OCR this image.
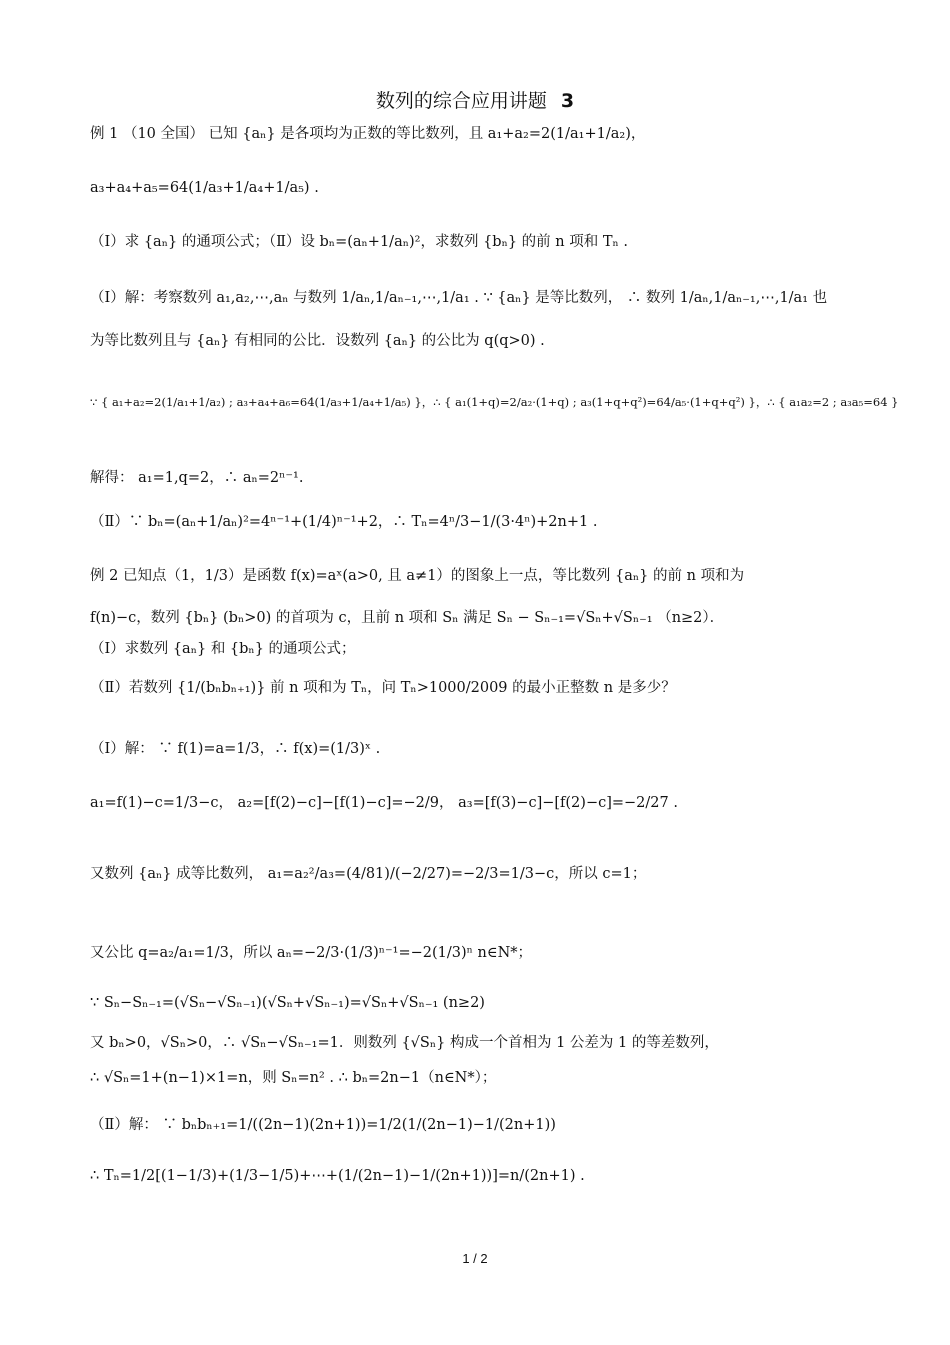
数列的综合应用讲题 3
例 1 （10 全国） 已知 {aₙ} 是各项均为正数的等比数列，且 a₁+a₂=2(1/a₁+1/a₂)，
a₃+a₄+a₅=64(1/a₃+1/a₄+1/a₅) .
（Ⅰ）求 {aₙ} 的通项公式；（Ⅱ）设 bₙ=(aₙ+1/aₙ)²，求数列 {bₙ} 的前 n 项和 Tₙ .
（Ⅰ）解：考察数列 a₁,a₂,⋯,aₙ 与数列 1/aₙ,1/aₙ₋₁,⋯,1/a₁ . ∵ {aₙ} 是等比数列， ∴ 数列 1/aₙ,1/aₙ₋₁,⋯,1/a₁ 也
为等比数列且与 {aₙ} 有相同的公比．设数列 {aₙ} 的公比为 q(q>0) .
∵ { a₁+a₂=2(1/a₁+1/a₂) ; a₃+a₄+a₆=64(1/a₃+1/a₄+1/a₅) }，∴ { a₁(1+q)=2/a₂·(1+q) ; a₃(1+q+q²)=64/a₅·(1+q+q²) }，∴ { a₁a₂=2 ; a₃a₅=64 }
解得： a₁=1,q=2，∴ aₙ=2ⁿ⁻¹.
（Ⅱ）∵ bₙ=(aₙ+1/aₙ)²=4ⁿ⁻¹+(1/4)ⁿ⁻¹+2，∴ Tₙ=4ⁿ/3−1/(3·4ⁿ)+2n+1 .
例 2 已知点（1，1/3）是函数 f(x)=aˣ(a>0, 且 a≠1）的图象上一点，等比数列 {aₙ} 的前 n 项和为
f(n)−c，数列 {bₙ} (bₙ>0) 的首项为 c，且前 n 项和 Sₙ 满足 Sₙ − Sₙ₋₁=√Sₙ+√Sₙ₋₁ （n≥2）．
（Ⅰ）求数列 {aₙ} 和 {bₙ} 的通项公式；
（Ⅱ）若数列 {1/(bₙbₙ₊₁)} 前 n 项和为 Tₙ，问 Tₙ>1000/2009 的最小正整数 n 是多少？
（Ⅰ）解： ∵ f(1)=a=1/3，∴ f(x)=(1/3)ˣ .
a₁=f(1)−c=1/3−c， a₂=[f(2)−c]−[f(1)−c]=−2/9， a₃=[f(3)−c]−[f(2)−c]=−2/27 .
又数列 {aₙ} 成等比数列， a₁=a₂²/a₃=(4/81)/(−2/27)=−2/3=1/3−c，所以 c=1；
又公比 q=a₂/a₁=1/3，所以 aₙ=−2/3·(1/3)ⁿ⁻¹=−2(1/3)ⁿ n∈N*；
∵ Sₙ−Sₙ₋₁=(√Sₙ−√Sₙ₋₁)(√Sₙ+√Sₙ₋₁)=√Sₙ+√Sₙ₋₁ (n≥2)
又 bₙ>0，√Sₙ>0，∴ √Sₙ−√Sₙ₋₁=1．则数列 {√Sₙ} 构成一个首相为 1 公差为 1 的等差数列，
∴ √Sₙ=1+(n−1)×1=n，则 Sₙ=n² . ∴ bₙ=2n−1（n∈N*）；
（Ⅱ）解： ∵ bₙbₙ₊₁=1/((2n−1)(2n+1))=1/2(1/(2n−1)−1/(2n+1))
∴ Tₙ=1/2[(1−1/3)+(1/3−1/5)+⋯+(1/(2n−1)−1/(2n+1))]=n/(2n+1) .
1 / 2
